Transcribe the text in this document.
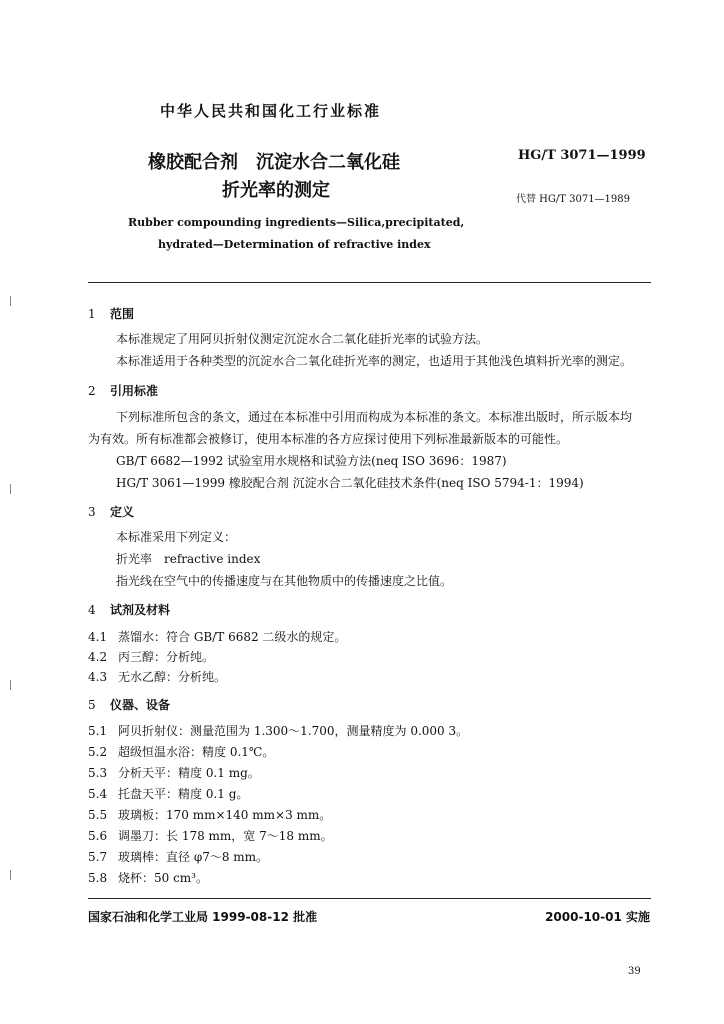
中华人民共和国化工行业标准
橡胶配合剂　沉淀水合二氧化硅
折光率的测定
HG/T 3071—1999
代替 HG/T 3071—1989
Rubber compounding ingredients—Silica,precipitated,
hydrated—Determination of refractive index
1 范围
本标准规定了用阿贝折射仪测定沉淀水合二氧化硅折光率的试验方法。
本标准适用于各种类型的沉淀水合二氧化硅折光率的测定，也适用于其他浅色填料折光率的测定。
2 引用标准
下列标准所包含的条文，通过在本标准中引用而构成为本标准的条文。本标准出版时，所示版本均
为有效。所有标准都会被修订，使用本标准的各方应探讨使用下列标准最新版本的可能性。
GB/T 6682—1992 试验室用水规格和试验方法(neq ISO 3696：1987)
HG/T 3061—1999 橡胶配合剂 沉淀水合二氧化硅技术条件(neq ISO 5794-1：1994)
3 定义
本标准采用下列定义：
折光率　refractive index
指光线在空气中的传播速度与在其他物质中的传播速度之比值。
4 试剂及材料
4.1 蒸馏水：符合 GB/T 6682 二级水的规定。
4.2 丙三醇：分析纯。
4.3 无水乙醇：分析纯。
5 仪器、设备
5.1 阿贝折射仪：测量范围为 1.300～1.700，测量精度为 0.000 3。
5.2 超级恒温水浴：精度 0.1℃。
5.3 分析天平：精度 0.1 mg。
5.4 托盘天平：精度 0.1 g。
5.5 玻璃板：170 mm×140 mm×3 mm。
5.6 调墨刀：长 178 mm，宽 7～18 mm。
5.7 玻璃棒：直径 φ7～8 mm。
5.8 烧杯：50 cm³。
国家石油和化学工业局 1999-08-12 批准	2000-10-01 实施
39
